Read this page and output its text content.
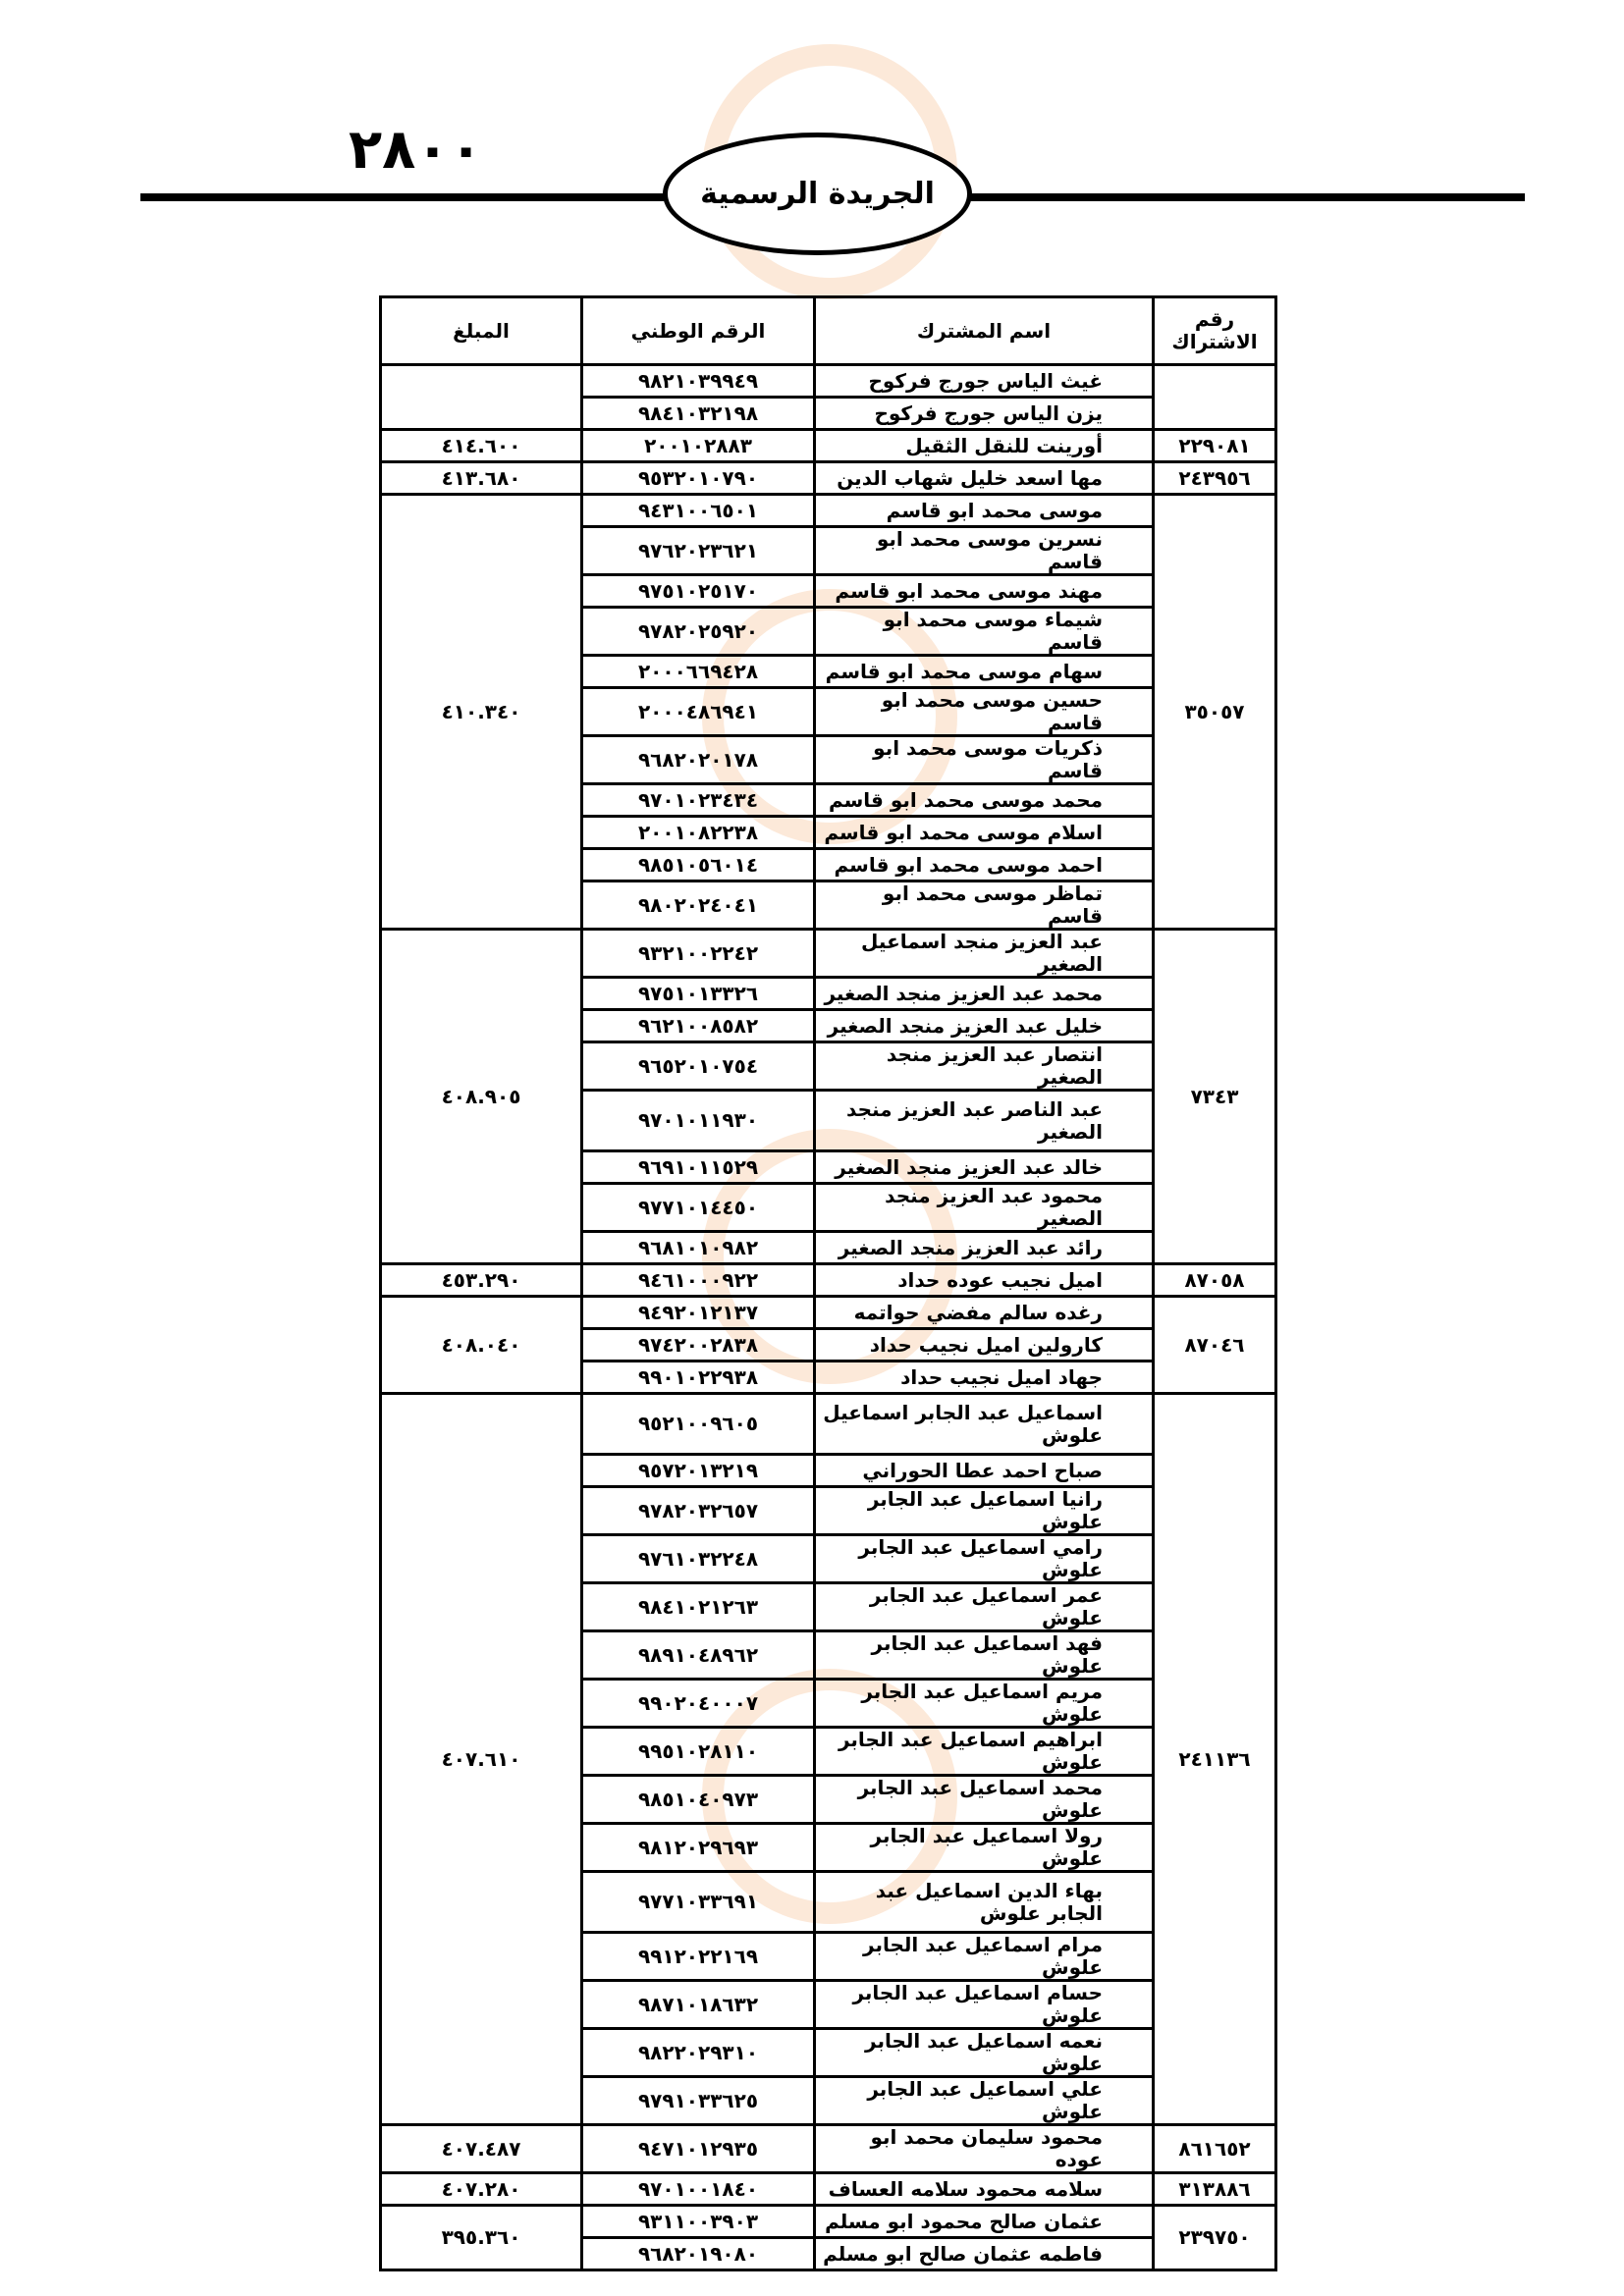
٢٨٠٠
الجريدة الرسمية
رقم الاشتراك	اسم المشترك	الرقم الوطني	المبلغ
	غيث الياس جورج فركوح	٩٨٢١٠٣٩٩٤٩	
	يزن الياس جورج فركوح	٩٨٤١٠٣٢١٩٨	
٢٢٩٠٨١	أورينت للنقل الثقيل	٢٠٠١٠٢٨٨٣	٤١٤.٦٠٠
٢٤٣٩٥٦	مها اسعد خليل شهاب الدين	٩٥٣٢٠١٠٧٩٠	٤١٣.٦٨٠
٣٥٠٥٧	موسى محمد ابو قاسم	٩٤٣١٠٠٦٥٠١	٤١٠.٣٤٠
	نسرين موسى محمد ابو قاسم	٩٧٦٢٠٢٣٦٢١	
	مهند موسى محمد ابو قاسم	٩٧٥١٠٢٥١٧٠	
	شيماء موسى محمد ابو قاسم	٩٧٨٢٠٢٥٩٢٠	
	سهام موسى محمد ابو قاسم	٢٠٠٠٦٦٩٤٢٨	
	حسين موسى محمد ابو قاسم	٢٠٠٠٤٨٦٩٤١	
	ذكريات موسى محمد ابو قاسم	٩٦٨٢٠٢٠١٧٨	
	محمد موسى محمد ابو قاسم	٩٧٠١٠٢٣٤٣٤	
	اسلام موسى محمد ابو قاسم	٢٠٠١٠٨٢٢٣٨	
	احمد موسى محمد ابو قاسم	٩٨٥١٠٥٦٠١٤	
	تماظر موسى محمد ابو قاسم	٩٨٠٢٠٢٤٠٤١	
٧٣٤٣	عبد العزيز منجد اسماعيل الصغير	٩٣٢١٠٠٢٢٤٢	٤٠٨.٩٠٥
	محمد عبد العزيز منجد الصغير	٩٧٥١٠١٣٣٢٦	
	خليل عبد العزيز منجد الصغير	٩٦٢١٠٠٨٥٨٢	
	انتصار عبد العزيز منجد الصغير	٩٦٥٢٠١٠٧٥٤	
	عبد الناصر عبد العزيز منجد الصغير	٩٧٠١٠١١٩٣٠	
	خالد عبد العزيز منجد الصغير	٩٦٩١٠١١٥٢٩	
	محمود عبد العزيز منجد الصغير	٩٧٧١٠١٤٤٥٠	
	رائد عبد العزيز منجد الصغير	٩٦٨١٠١٠٩٨٢	
٨٧٠٥٨	اميل نجيب عوده حداد	٩٤٦١٠٠٠٩٢٢	٤٥٣.٢٩٠
٨٧٠٤٦	رغده سالم مفضي حواتمه	٩٤٩٢٠١٢١٣٧	٤٠٨.٠٤٠
	كارولين اميل نجيب حداد	٩٧٤٢٠٠٢٨٣٨	
	جهاد اميل نجيب حداد	٩٩٠١٠٢٢٩٣٨	
٢٤١١٣٦	اسماعيل عبد الجابر اسماعيل علوش	٩٥٢١٠٠٩٦٠٥	٤٠٧.٦١٠
	صباح احمد عطا الحوراني	٩٥٧٢٠١٣٢١٩	
	رانيا اسماعيل عبد الجابر علوش	٩٧٨٢٠٣٢٦٥٧	
	رامي اسماعيل عبد الجابر علوش	٩٧٦١٠٣٢٢٤٨	
	عمر اسماعيل عبد الجابر علوش	٩٨٤١٠٢١٢٦٣	
	فهد اسماعيل عبد الجابر علوش	٩٨٩١٠٤٨٩٦٢	
	مريم اسماعيل عبد الجابر علوش	٩٩٠٢٠٤٠٠٠٧	
	ابراهيم اسماعيل عبد الجابر علوش	٩٩٥١٠٢٨١١٠	
	محمد اسماعيل عبد الجابر علوش	٩٨٥١٠٤٠٩٧٣	
	رولا اسماعيل عبد الجابر علوش	٩٨١٢٠٢٩٦٩٣	
	بهاء الدين اسماعيل عبد الجابر علوش	٩٧٧١٠٣٣٦٩١	
	مرام اسماعيل عبد الجابر علوش	٩٩١٢٠٢٢١٦٩	
	حسام اسماعيل عبد الجابر علوش	٩٨٧١٠١٨٦٣٢	
	نعمه اسماعيل عبد الجابر علوش	٩٨٢٢٠٢٩٣١٠	
	علي اسماعيل عبد الجابر علوش	٩٧٩١٠٣٣٦٢٥	
٨٦١٦٥٢	محمود سليمان محمد ابو عوده	٩٤٧١٠١٢٩٣٥	٤٠٧.٤٨٧
٣١٣٨٨٦	سلامه محمود سلامه العساف	٩٧٠١٠٠١٨٤٠	٤٠٧.٢٨٠
٢٣٩٧٥٠	عثمان صالح محمود ابو مسلم	٩٣١١٠٠٣٩٠٣	٣٩٥.٣٦٠
	فاطمه عثمان صالح ابو مسلم	٩٦٨٢٠١٩٠٨٠	
